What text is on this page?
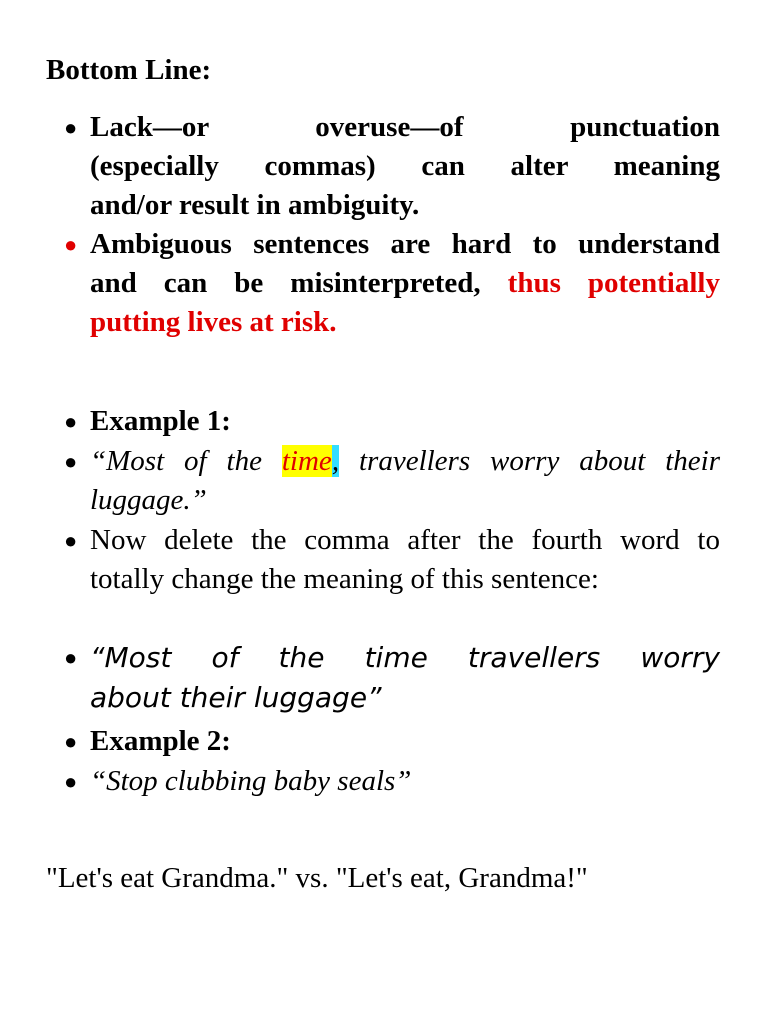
Bottom Line:
● Lack—or overuse—of punctuation
(especially commas) can alter meaning
and/or result in ambiguity.
● Ambiguous sentences are hard to understand
and can be misinterpreted, thus potentially
putting lives at risk.
● Example 1:
● “Most of the time, travellers worry about their
luggage.”
● Now delete the comma after the fourth word to
totally change the meaning of this sentence:
● “Most of the time travellers worry
about their luggage”
● Example 2:
● “Stop clubbing baby seals”
"Let's eat Grandma." vs. "Let's eat, Grandma!"
